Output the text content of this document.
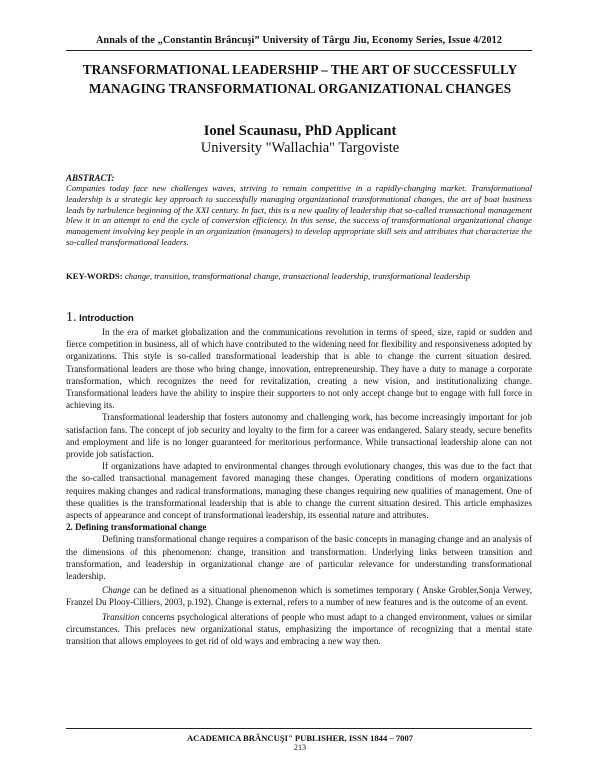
Annals of the „Constantin Brâncuşi” University of Târgu Jiu, Economy Series, Issue 4/2012
TRANSFORMATIONAL LEADERSHIP – THE ART OF SUCCESSFULLY
MANAGING TRANSFORMATIONAL ORGANIZATIONAL CHANGES
Ionel Scaunasu, PhD Applicant
University "Wallachia" Targoviste
ABSTRACT:
Companies today face new challenges waves, striving to remain competitive in a rapidly-changing market. Transformational leadership is a strategic key approach to successfully managing organizational transformational changes, the art of boat business leads by turbulence beginning of the XXI century. In fact, this is a new quality of leadership that so-called transactional management blew it in an attempt to end the cycle of conversion efficiency. In this sense, the success of transformational organizational change management involving key people in an organization (managers) to develop appropriate skill sets and attributes that characterize the so-called transformational leaders.
KEY-WORDS: change, transition, transformational change, transactional leadership, transformational leadership
1. Introduction

In the era of market globalization and the communications revolution in terms of speed, size, rapid or sudden and fierce competition in business, all of which have contributed to the widening need for flexibility and responsiveness adopted by organizations. This style is so-called transformational leadership that is able to change the current situation desired. Transformational leaders are those who bring change, innovation, entrepreneurship. They have a duty to manage a corporate transformation, which recognizes the need for revitalization, creating a new vision, and institutionalizing change. Transformational leaders have the ability to inspire their supporters to not only accept change but to engage with full force in achieving its.

Transformational leadership that fosters autonomy and challenging work, has become increasingly important for job satisfaction fans. The concept of job security and loyalty to the firm for a career was endangered. Salary steady, secure benefits and employment and life is no longer guaranteed for meritorious performance. While transactional leadership alone can not provide job satisfaction.

If organizations have adapted to environmental changes through evolutionary changes, this was due to the fact that the so-called transactional management favored managing these changes. Operating conditions of modern organizations requires making changes and radical transformations, managing these changes requiring new qualities of management. One of these qualities is the transformational leadership that is able to change the current situation desired. This article emphasizes aspects of appearance and concept of transformational leadership, its essential nature and attributes.

2. Defining transformational change

Defining transformational change requires a comparison of the basic concepts in managing change and an analysis of the dimensions of this phenomenon: change, transition and transformation. Underlying links between transition and transformation, and leadership in organizational change are of particular relevance for understanding transformational leadership.

Change can be defined as a situational phenomenon which is sometimes temporary ( Anske Grobler,Sonja Verwey, Franzel Du Plooy-Cilliers, 2003, p.192). Change is external, refers to a number of new features and is the outcome of an event.

Transition concerns psychological alterations of people who must adapt to a changed environment, values or similar circumstances. This prefaces new organizational status, emphasizing the importance of recognizing that a mental state transition that allows employees to get rid of old ways and embracing a new way then.

ACADEMICA BRÂNCUŞI" PUBLISHER, ISSN 1844 – 7007
213
